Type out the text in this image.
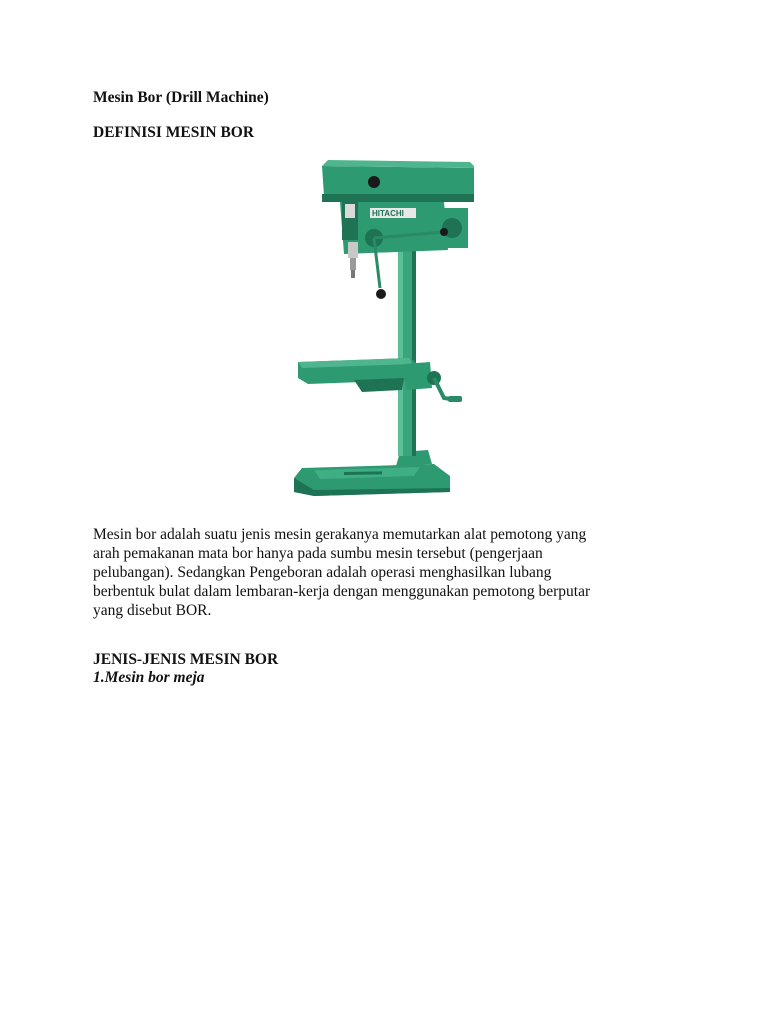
Mesin Bor (Drill Machine)
DEFINISI MESIN BOR
HITACHI

Mesin bor adalah suatu jenis mesin gerakanya memutarkan alat pemotong yang
arah pemakanan mata bor hanya pada sumbu mesin tersebut (pengerjaan
pelubangan). Sedangkan Pengeboran adalah operasi menghasilkan lubang
berbentuk bulat dalam lembaran-kerja dengan menggunakan pemotong berputar
yang disebut BOR.

JENIS-JENIS MESIN BOR
1.Mesin bor meja
